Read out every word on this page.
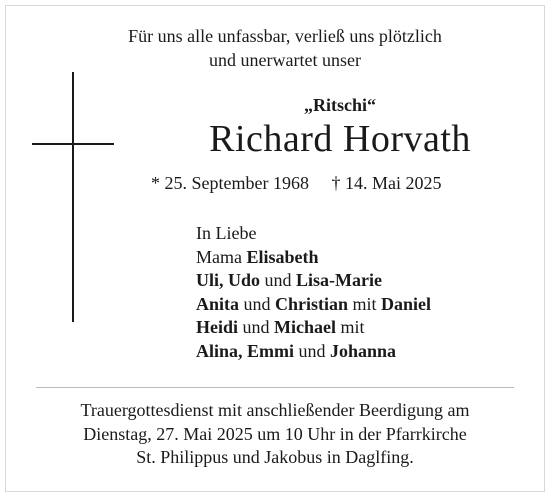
Für uns alle unfassbar, verließ uns plötzlich
und unerwartet unser
„Ritschi“
Richard Horvath
* 25. September 1968 † 14. Mai 2025
In Liebe
Mama Elisabeth
Uli, Udo und Lisa-Marie
Anita und Christian mit Daniel
Heidi und Michael mit
Alina, Emmi und Johanna
Trauergottesdienst mit anschließender Beerdigung am
Dienstag, 27. Mai 2025 um 10 Uhr in der Pfarrkirche
St. Philippus und Jakobus in Daglfing.
